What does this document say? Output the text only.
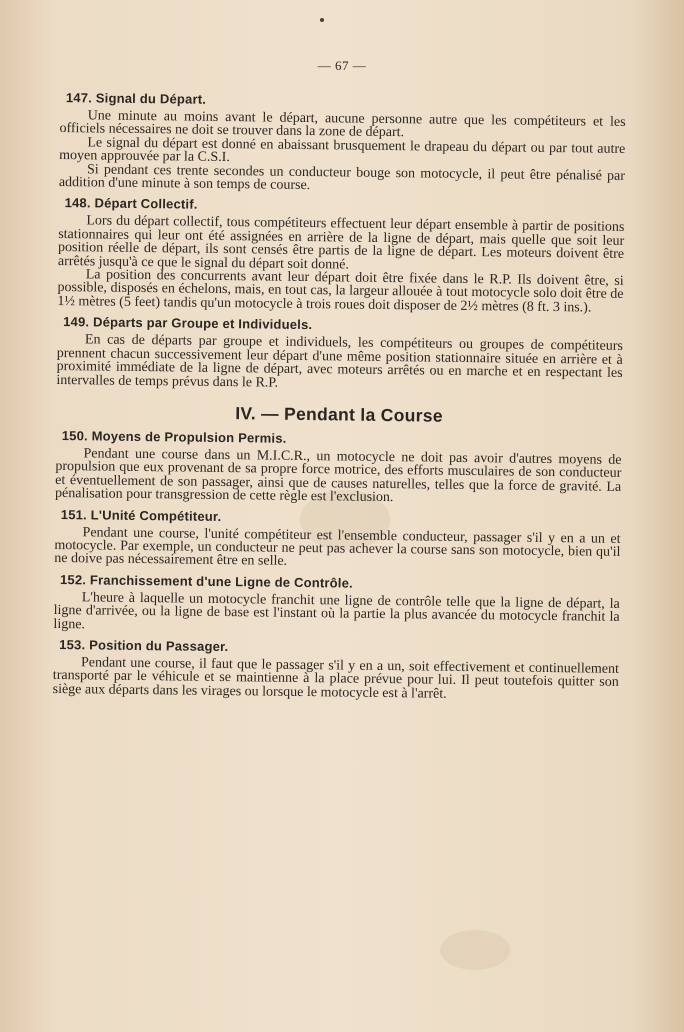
— 67 —
147. Signal du Départ.

Une minute au moins avant le départ, aucune personne autre que les compétiteurs et les officiels nécessaires ne doit se trouver dans la zone de départ.

Le signal du départ est donné en abaissant brusquement le drapeau du départ ou par tout autre moyen approuvée par la C.S.I.

Si pendant ces trente secondes un conducteur bouge son motocycle, il peut être pénalisé par addition d'une minute à son temps de course.

148. Départ Collectif.

Lors du départ collectif, tous compétiteurs effectuent leur départ ensemble à partir de positions stationnaires qui leur ont été assignées en arrière de la ligne de départ, mais quelle que soit leur position réelle de départ, ils sont censés être partis de la ligne de départ. Les moteurs doivent être arrêtés jusqu'à ce que le signal du départ soit donné.

La position des concurrents avant leur départ doit être fixée dans le R.P. Ils doivent être, si possible, disposés en échelons, mais, en tout cas, la largeur allouée à tout motocycle solo doit être de 1½ mètres (5 feet) tandis qu'un motocycle à trois roues doit disposer de 2½ mètres (8 ft. 3 ins.).

149. Départs par Groupe et Individuels.

En cas de départs par groupe et individuels, les compétiteurs ou groupes de compétiteurs prennent chacun successivement leur départ d'une même position stationnaire située en arrière et à proximité immédiate de la ligne de départ, avec moteurs arrêtés ou en marche et en respectant les intervalles de temps prévus dans le R.P.

IV. — Pendant la Course
150. Moyens de Propulsion Permis.

Pendant une course dans un M.I.C.R., un motocycle ne doit pas avoir d'autres moyens de propulsion que eux provenant de sa propre force motrice, des efforts musculaires de son conducteur et éventuellement de son passager, ainsi que de causes naturelles, telles que la force de gravité. La pénalisation pour transgression de cette règle est l'exclusion.

151. L'Unité Compétiteur.

Pendant une course, l'unité compétiteur est l'ensemble conducteur, passager s'il y en a un et motocycle. Par exemple, un conducteur ne peut pas achever la course sans son motocycle, bien qu'il ne doive pas nécessairement être en selle.

152. Franchissement d'une Ligne de Contrôle.

L'heure à laquelle un motocycle franchit une ligne de contrôle telle que la ligne de départ, la ligne d'arrivée, ou la ligne de base est l'instant où la partie la plus avancée du motocycle franchit la ligne.

153. Position du Passager.

Pendant une course, il faut que le passager s'il y en a un, soit effectivement et continuellement transporté par le véhicule et se maintienne à la place prévue pour lui. Il peut toutefois quitter son siège aux départs dans les virages ou lorsque le motocycle est à l'arrêt.
